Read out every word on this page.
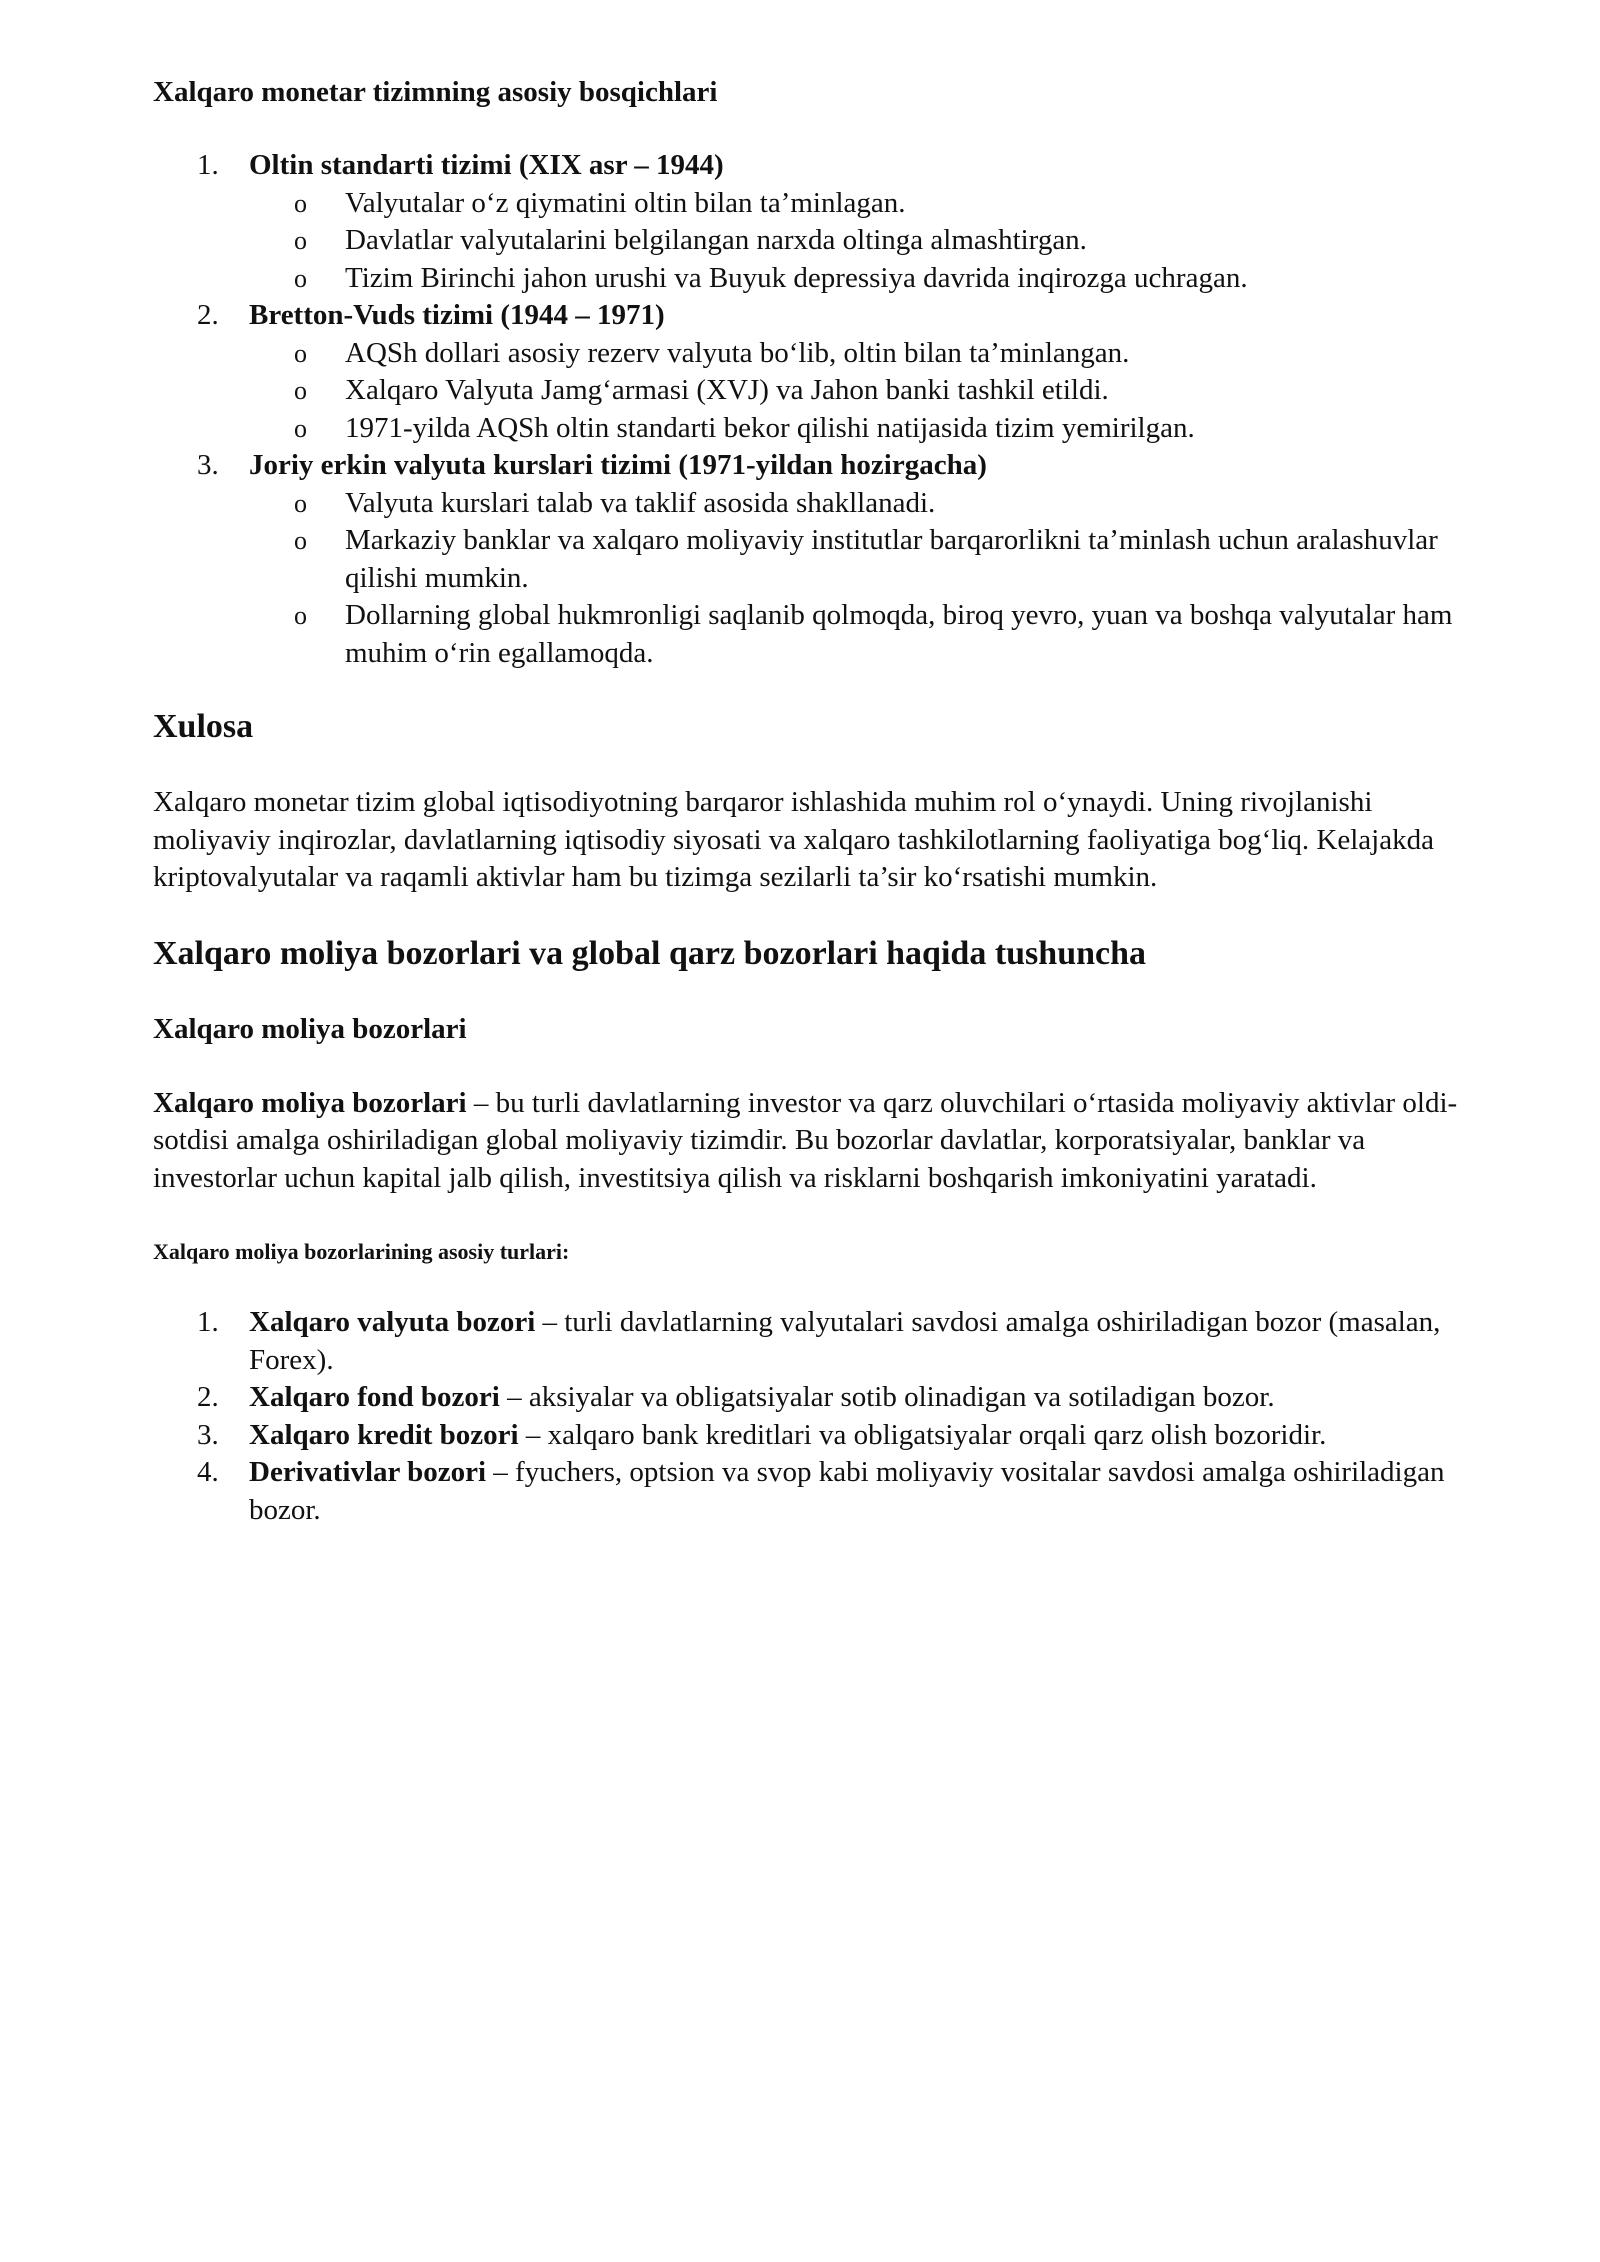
Xalqaro monetar tizimning asosiy bosqichlari
1. Oltin standarti tizimi (XIX asr – 1944)
o Valyutalar o‘z qiymatini oltin bilan ta’minlagan.
o Davlatlar valyutalarini belgilangan narxda oltinga almashtirgan.
o Tizim Birinchi jahon urushi va Buyuk depressiya davrida inqirozga uchragan.
2. Bretton-Vuds tizimi (1944 – 1971)
o AQSh dollari asosiy rezerv valyuta bo‘lib, oltin bilan ta’minlangan.
o Xalqaro Valyuta Jamg‘armasi (XVJ) va Jahon banki tashkil etildi.
o 1971-yilda AQSh oltin standarti bekor qilishi natijasida tizim yemirilgan.
3. Joriy erkin valyuta kurslari tizimi (1971-yildan hozirgacha)
o Valyuta kurslari talab va taklif asosida shakllanadi.
o Markaziy banklar va xalqaro moliyaviy institutlar barqarorlikni ta’minlash uchun aralashuvlar qilishi mumkin.
o Dollarning global hukmronligi saqlanib qolmoqda, biroq yevro, yuan va boshqa valyutalar ham muhim o‘rin egallamoqda.
Xulosa

Xalqaro monetar tizim global iqtisodiyotning barqaror ishlashida muhim rol o‘ynaydi. Uning rivojlanishi moliyaviy inqirozlar, davlatlarning iqtisodiy siyosati va xalqaro tashkilotlarning faoliyatiga bog‘liq. Kelajakda kriptovalyutalar va raqamli aktivlar ham bu tizimga sezilarli ta’sir ko‘rsatishi mumkin.

Xalqaro moliya bozorlari va global qarz bozorlari haqida tushuncha
Xalqaro moliya bozorlari

Xalqaro moliya bozorlari – bu turli davlatlarning investor va qarz oluvchilari o‘rtasida moliyaviy aktivlar oldi-sotdisi amalga oshiriladigan global moliyaviy tizimdir. Bu bozorlar davlatlar, korporatsiyalar, banklar va investorlar uchun kapital jalb qilish, investitsiya qilish va risklarni boshqarish imkoniyatini yaratadi.

Xalqaro moliya bozorlarining asosiy turlari:
1. Xalqaro valyuta bozori – turli davlatlarning valyutalari savdosi amalga oshiriladigan bozor (masalan, Forex).
2. Xalqaro fond bozori – aksiyalar va obligatsiyalar sotib olinadigan va sotiladigan bozor.
3. Xalqaro kredit bozori – xalqaro bank kreditlari va obligatsiyalar orqali qarz olish bozoridir.
4. Derivativlar bozori – fyuchers, optsion va svop kabi moliyaviy vositalar savdosi amalga oshiriladigan bozor.
